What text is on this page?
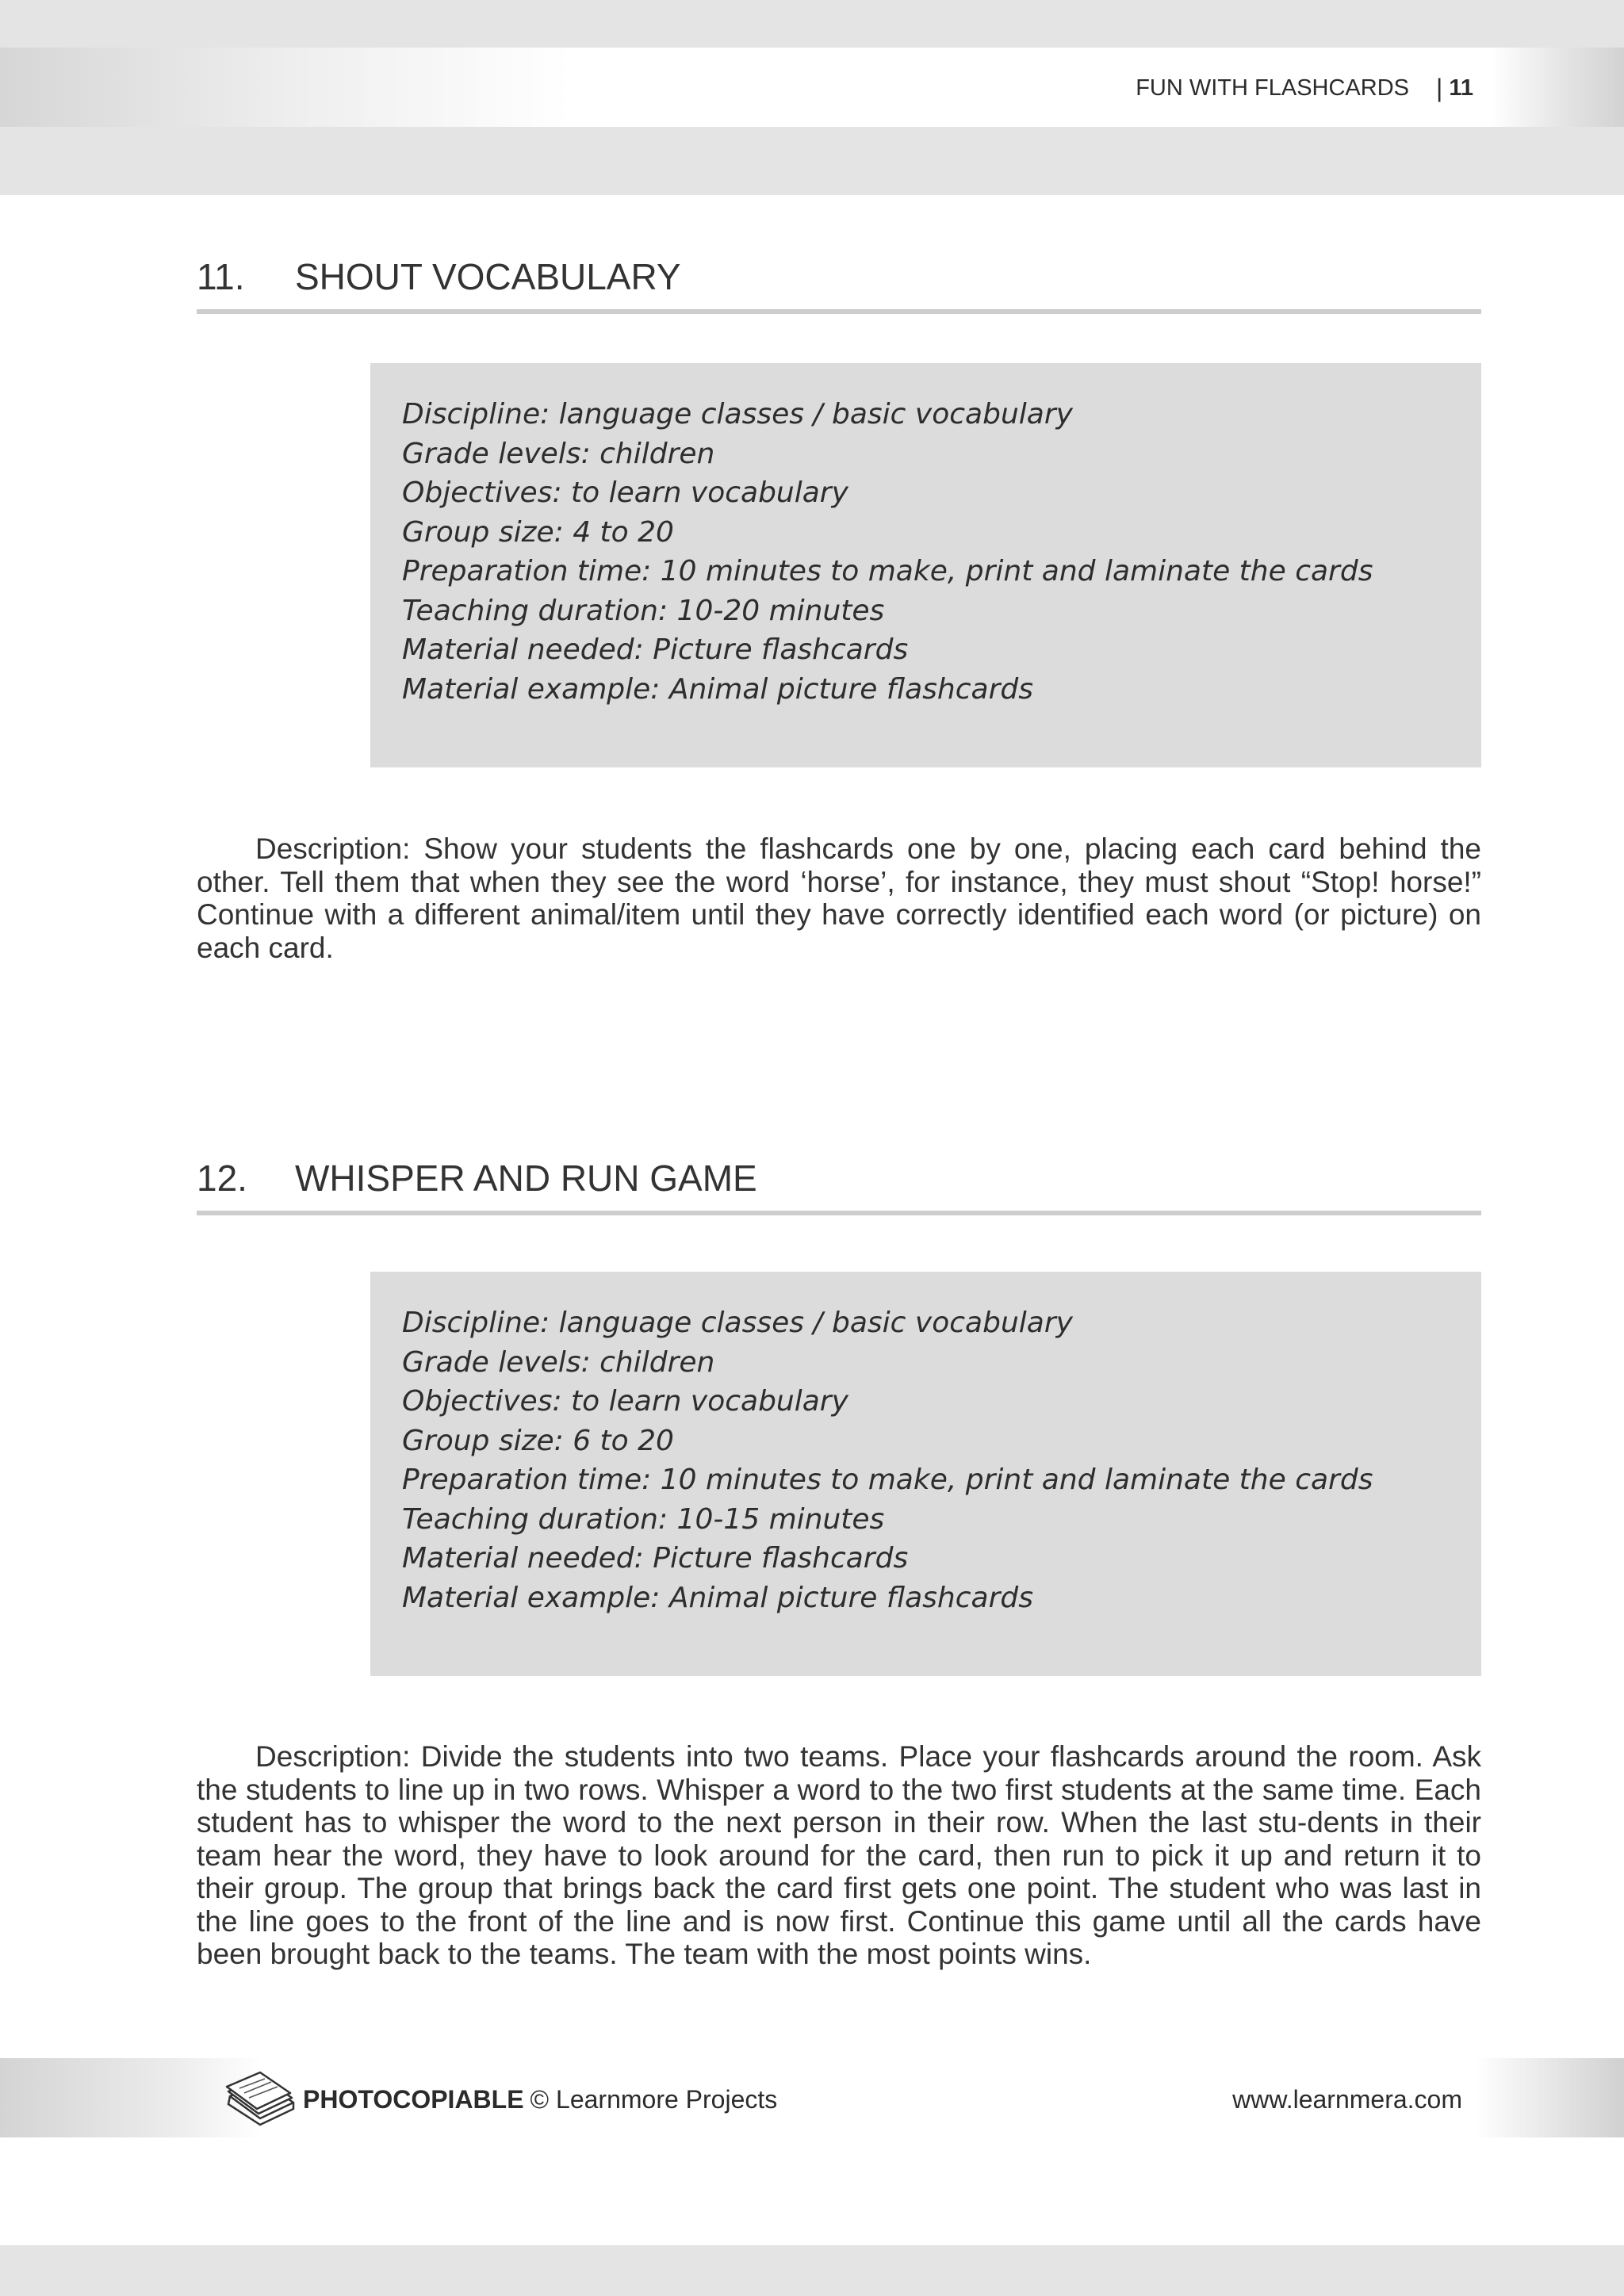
FUN WITH FLASHCARDS | 11
11. SHOUT VOCABULARY
Discipline: language classes / basic vocabulary
Grade levels: children
Objectives: to learn vocabulary
Group size: 4 to 20
Preparation time: 10 minutes to make, print and laminate the cards
Teaching duration: 10-20 minutes
Material needed: Picture flashcards
Material example: Animal picture flashcards
Description: Show your students the flashcards one by one, placing each card behind the other. Tell them that when they see the word ‘horse’, for instance, they must shout “Stop! horse!” Continue with a different animal/item until they have correctly identified each word (or picture) on each card.
12. WHISPER AND RUN GAME
Discipline: language classes / basic vocabulary
Grade levels: children
Objectives: to learn vocabulary
Group size: 6 to 20
Preparation time: 10 minutes to make, print and laminate the cards
Teaching duration: 10-15 minutes
Material needed: Picture flashcards
Material example: Animal picture flashcards
Description: Divide the students into two teams. Place your flashcards around the room. Ask the students to line up in two rows. Whisper a word to the two first students at the same time. Each student has to whisper the word to the next person in their row. When the last stu-dents in their team hear the word, they have to look around for the card, then run to pick it up and return it to their group. The group that brings back the card first gets one point. The student who was last in the line goes to the front of the line and is now first. Continue this game until all the cards have been brought back to the teams. The team with the most points wins.
PHOTOCOPIABLE © Learnmore Projects	www.learnmera.com
